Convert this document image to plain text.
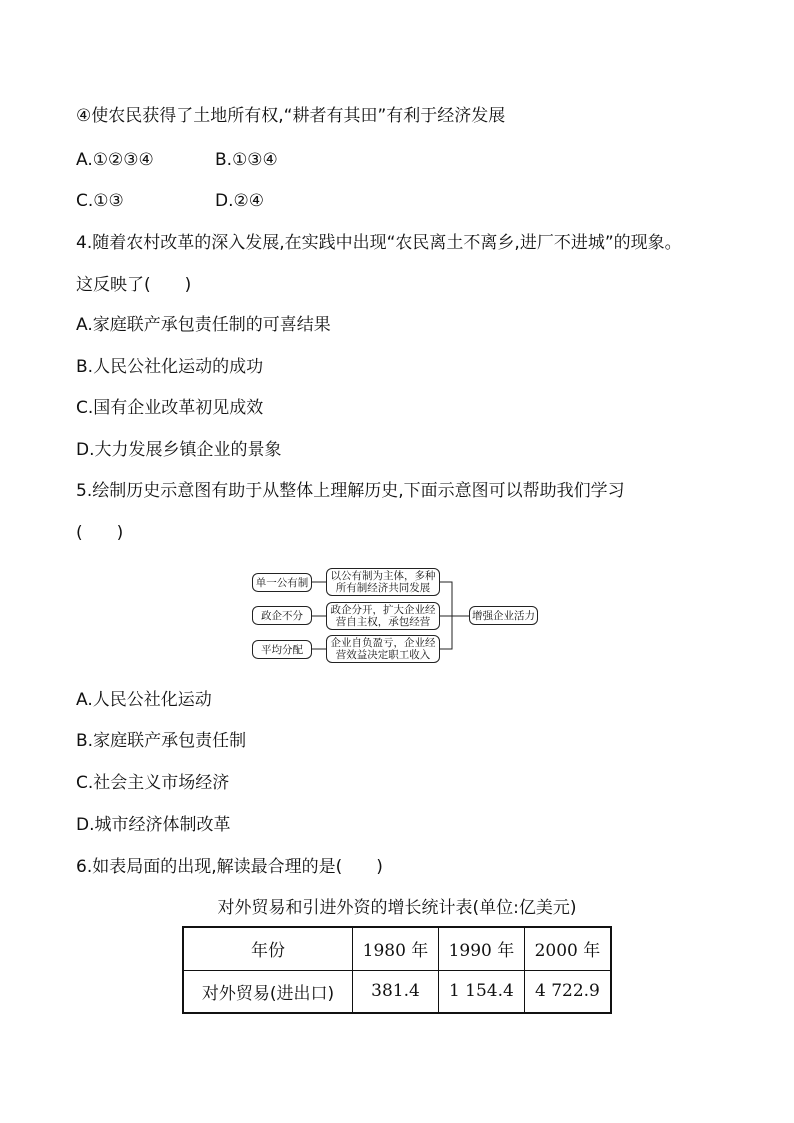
④使农民获得了土地所有权,“耕者有其田”有利于经济发展
A.①②③④	B.①③④
C.①③	D.②④
4.随着农村改革的深入发展,在实践中出现“农民离土不离乡,进厂不进城”的现象。
这反映了(　　)
A.家庭联产承包责任制的可喜结果
B.人民公社化运动的成功
C.国有企业改革初见成效
D.大力发展乡镇企业的景象
5.绘制历史示意图有助于从整体上理解历史,下面示意图可以帮助我们学习
(　　)
单一公有制
政企不分
平均分配
以公有制为主体，多种
所有制经济共同发展
政企分开，扩大企业经
营自主权，承包经营
企业自负盈亏，企业经
营效益决定职工收入
增强企业活力
A.人民公社化运动
B.家庭联产承包责任制
C.社会主义市场经济
D.城市经济体制改革
6.如表局面的出现,解读最合理的是(　　)
对外贸易和引进外资的增长统计表(单位:亿美元)
年份	1980 年	1990 年	2000 年
对外贸易(进出口)	381.4	1 154.4	4 722.9
